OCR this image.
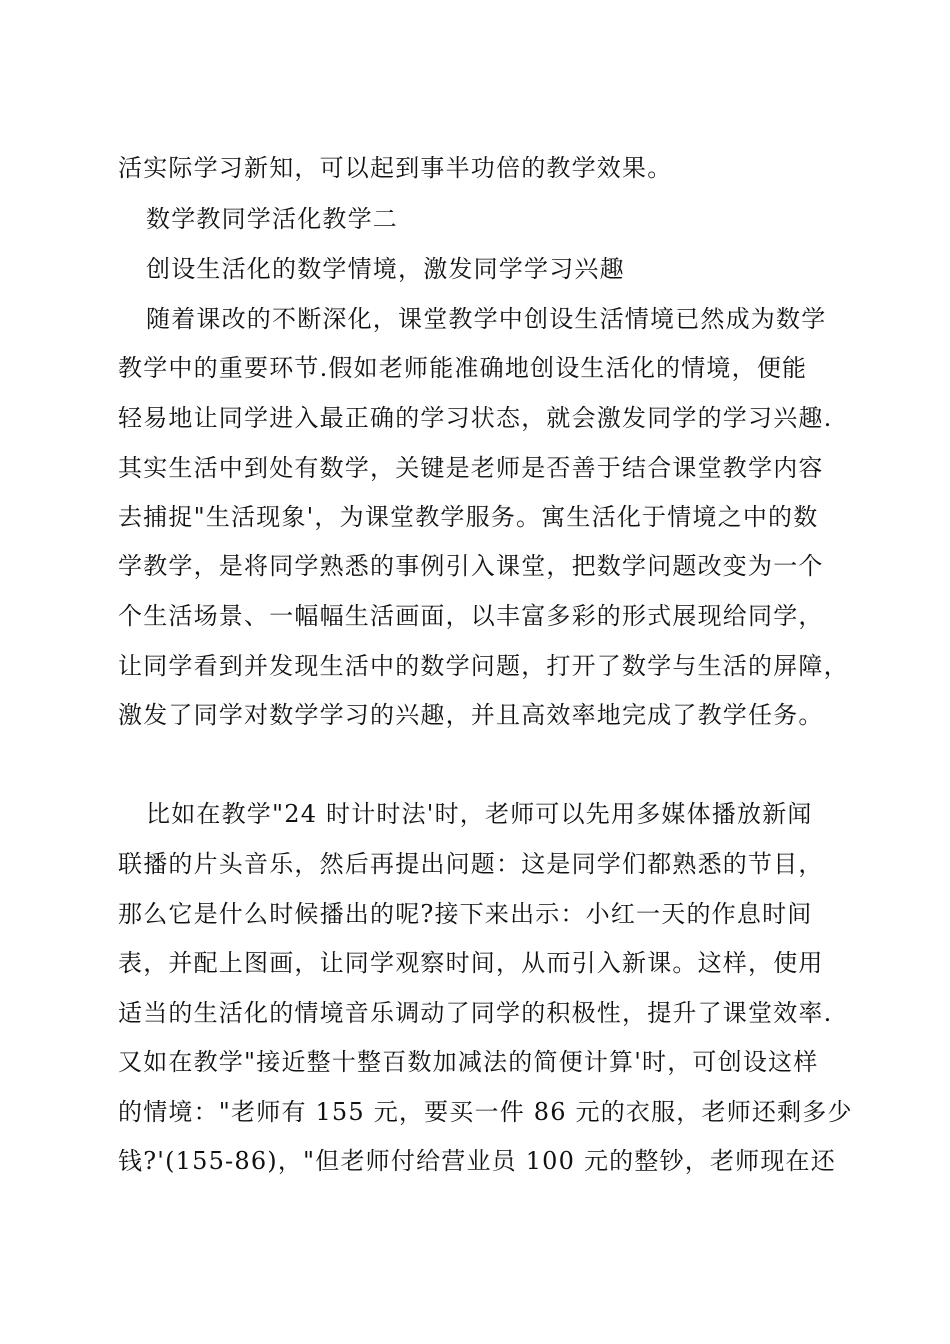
活实际学习新知，可以起到事半功倍的教学效果。
数学教同学活化教学二
创设生活化的数学情境，激发同学学习兴趣
随着课改的不断深化，课堂教学中创设生活情境已然成为数学
教学中的重要环节.假如老师能准确地创设生活化的情境，便能
轻易地让同学进入最正确的学习状态，就会激发同学的学习兴趣.
其实生活中到处有数学，关键是老师是否善于结合课堂教学内容
去捕捉"生活现象'，为课堂教学服务。寓生活化于情境之中的数
学教学，是将同学熟悉的事例引入课堂，把数学问题改变为一个
个生活场景、一幅幅生活画面，以丰富多彩的形式展现给同学，
让同学看到并发现生活中的数学问题，打开了数学与生活的屏障，
激发了同学对数学学习的兴趣，并且高效率地完成了教学任务。
比如在教学"24 时计时法'时，老师可以先用多媒体播放新闻
联播的片头音乐，然后再提出问题：这是同学们都熟悉的节目，
那么它是什么时候播出的呢?接下来出示：小红一天的作息时间
表，并配上图画，让同学观察时间，从而引入新课。这样，使用
适当的生活化的情境音乐调动了同学的积极性，提升了课堂效率.
又如在教学"接近整十整百数加减法的简便计算'时，可创设这样
的情境："老师有 155 元，要买一件 86 元的衣服，老师还剩多少
钱?'(155-86)，"但老师付给营业员 100 元的整钞，老师现在还
